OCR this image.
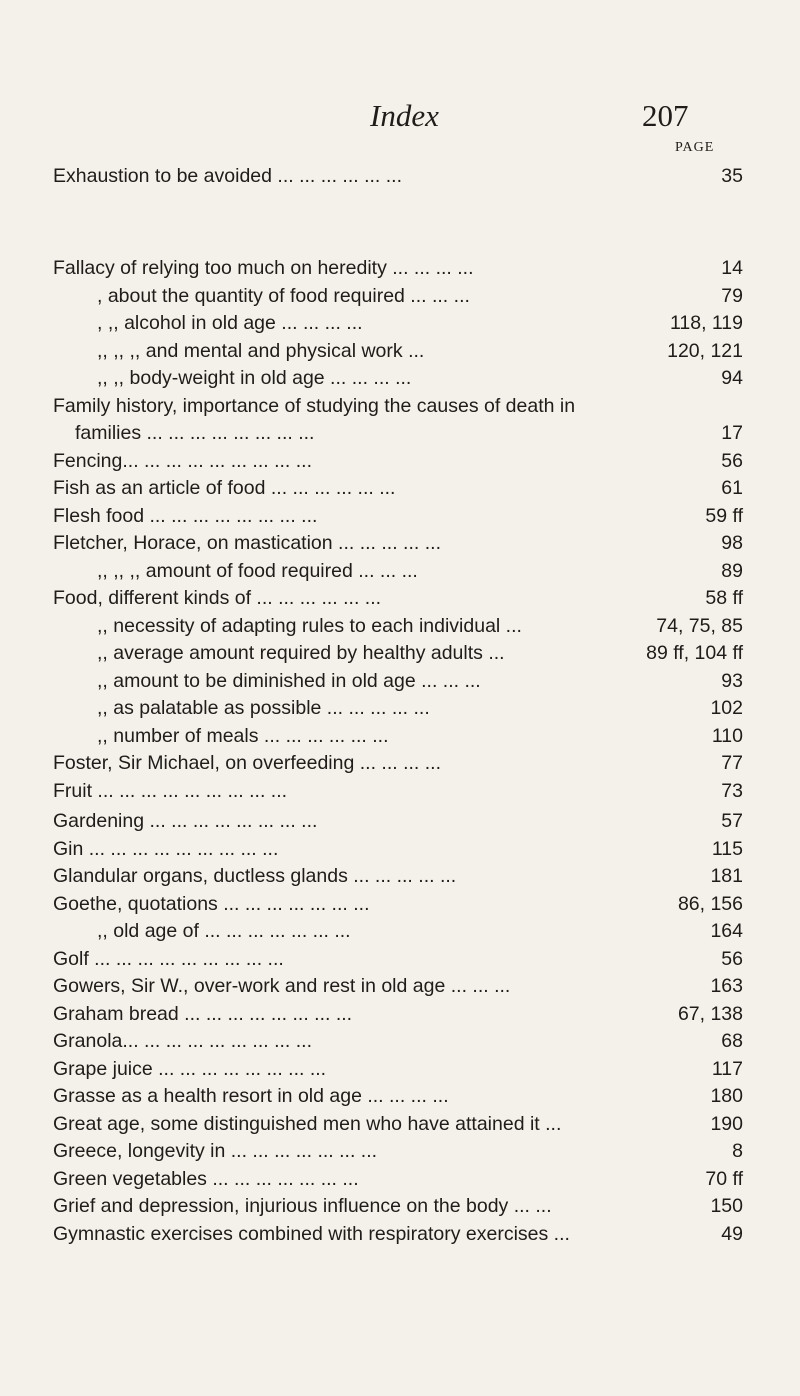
Index	207
PAGE
Exhaustion to be avoided ... ... ... ... ... ...	35
Fallacy of relying too much on heredity ... ... ... ...	14
, about the quantity of food required ... ... ...	79
, ,, alcohol in old age ... ... ... ...	118, 119
,, ,, ,, and mental and physical work ...	120, 121
,, ,, body-weight in old age ... ... ... ...	94
Family history, importance of studying the causes of death in
families ... ... ... ... ... ... ... ...	17
Fencing... ... ... ... ... ... ... ... ...	56
Fish as an article of food ... ... ... ... ... ...	61
Flesh food ... ... ... ... ... ... ... ...	59 ff
Fletcher, Horace, on mastication ... ... ... ... ...	98
,, ,, ,, amount of food required ... ... ...	89
Food, different kinds of ... ... ... ... ... ...	58 ff
,, necessity of adapting rules to each individual ...	74, 75, 85
,, average amount required by healthy adults ...	89 ff, 104 ff
,, amount to be diminished in old age ... ... ...	93
,, as palatable as possible ... ... ... ... ...	102
,, number of meals ... ... ... ... ... ...	110
Foster, Sir Michael, on overfeeding ... ... ... ...	77
Fruit ... ... ... ... ... ... ... ... ...	73
Gardening ... ... ... ... ... ... ... ...	57
Gin ... ... ... ... ... ... ... ... ...	115
Glandular organs, ductless glands ... ... ... ... ...	181
Goethe, quotations ... ... ... ... ... ... ...	86, 156
,, old age of ... ... ... ... ... ... ...	164
Golf ... ... ... ... ... ... ... ... ...	56
Gowers, Sir W., over-work and rest in old age ... ... ...	163
Graham bread ... ... ... ... ... ... ... ...	67, 138
Granola... ... ... ... ... ... ... ... ...	68
Grape juice ... ... ... ... ... ... ... ...	117
Grasse as a health resort in old age ... ... ... ...	180
Great age, some distinguished men who have attained it ...	190
Greece, longevity in ... ... ... ... ... ... ...	8
Green vegetables ... ... ... ... ... ... ...	70 ff
Grief and depression, injurious influence on the body ... ...	150
Gymnastic exercises combined with respiratory exercises ...	49
